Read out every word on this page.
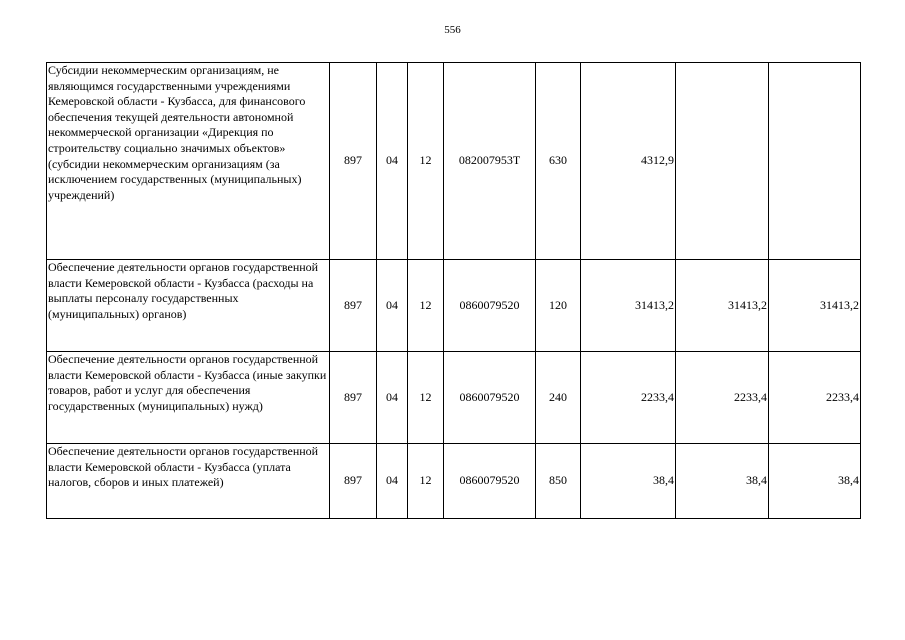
556
Субсидии некоммерческим организациям, не являющимся государственными учреждениями Кемеровской области - Кузбасса, для финансового обеспечения текущей деятельности автономной некоммерческой организации «Дирекция по строительству социально значимых объектов» (субсидии некоммерческим организациям (за исключением государственных (муниципальных) учреждений)	897	04	12	082007953Т	630	4312,9		
Обеспечение деятельности органов государственной власти Кемеровской области - Кузбасса (расходы на выплаты персоналу государственных (муниципальных) органов)	897	04	12	0860079520	120	31413,2	31413,2	31413,2
Обеспечение деятельности органов государственной власти Кемеровской области - Кузбасса (иные закупки товаров, работ и услуг для обеспечения государственных (муниципальных) нужд)	897	04	12	0860079520	240	2233,4	2233,4	2233,4
Обеспечение деятельности органов государственной власти Кемеровской области - Кузбасса (уплата налогов, сборов и иных платежей)	897	04	12	0860079520	850	38,4	38,4	38,4
